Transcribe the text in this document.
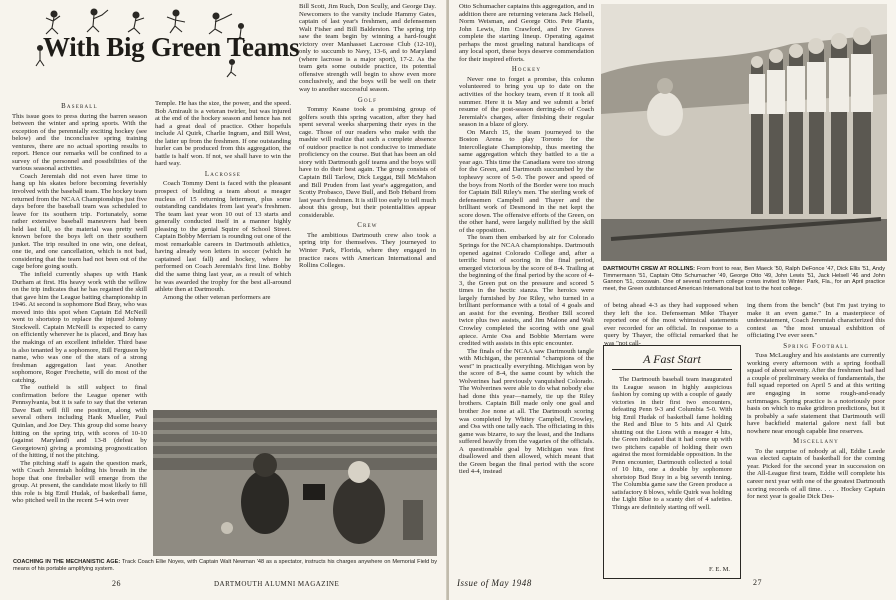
With Big Green Teams
Baseball

This issue goes to press during the barren season between the winter and spring sports. With the exception of the perennially exciting hockey (see below) and the inconclusive spring training ventures, there are no actual sporting results to report. Hence our remarks will be confined to a survey of the personnel and possibilities of the various seasonal activities.

Coach Jeremiah did not even have time to hang up his skates before becoming feverishly involved with the baseball team. The hockey team returned from the NCAA Championships just five days before the baseball team was scheduled to leave for its southern trip. Fortunately, some rather extensive baseball maneuvers had been held last fall, so the material was pretty well known before the boys left on their southern junket. The trip resulted in one win, one defeat, one tie, and one cancellation, which is not bad, considering that the team had not been out of the cage before going south.

The infield currently shapes up with Hank Durham at first. His heavy work with the willow on the trip indicates that he has regained the skill that gave him the League batting championship in 1946. At second is sophomore Bud Bray, who was moved into this spot when Captain Ed McNeill went to shortstop to replace the injured Johnny Stockwell. Captain McNeill is expected to carry on efficiently wherever he is placed, and Bray has the makings of an excellent infielder. Third base is also tenanted by a sophomore, Bill Ferguson by name, who was one of the stars of a strong freshman aggregation last year. Another sophomore, Roger Frechette, will do most of the catching.

The outfield is still subject to final confirmation before the League opener with Pennsylvania, but it is safe to say that the veteran Dave Batt will fill one position, along with several others including Hank Mueller, Paul Quinlan, and Joe Dey. This group did some heavy hitting on the spring trip, with scores of 10-10 (against Maryland) and 13-8 (defeat by Georgetown) giving a promising prognostication of the hitting, if not the pitching.

The pitching staff is again the question mark, with Coach Jeremiah holding his breath in the hope that one fireballer will emerge from the group. At present, the candidate most likely to fill this role is big Emil Hudak, of basketball fame, who pitched well in the recent 5-4 win over

Temple. He has the size, the power, and the speed. Bob Amirault is a veteran twirler, but was injured at the end of the hockey season and hence has not had a great deal of practice. Other hopefuls include Al Quirk, Charlie Ingram, and Bill West, the latter up from the freshmen. If one outstanding hurler can be produced from this aggregation, the battle is half won. If not, we shall have to win the hard way.

Lacrosse

Coach Tommy Dent is faced with the pleasant prospect of building a team about a meager nucleus of 15 returning lettermen, plus some outstanding candidates from last year's freshmen. The team last year won 10 out of 13 starts and generally conducted itself in a manner highly pleasing to the genial Squire of School Street. Captain Bobby Merriam is rounding out one of the most remarkable careers in Dartmouth athletics, having already won letters in soccer (which he captained last fall) and hockey, where he performed on Coach Jeremiah's first line. Bobby did the same thing last year, as a result of which he was awarded the trophy for the best all-around athlete then at Dartmouth.

Among the other veteran performers are

Bill Scott, Jim Ruch, Don Scully, and George Day. Newcomers to the varsity include Hammy Gates, captain of last year's freshmen, and defensemen Walt Fisher and Bill Balderston. The spring trip saw the team begin by winning a hard-fought victory over Manhasset Lacrosse Club (12-10), only to succumb to Navy, 13-6, and to Maryland (where lacrosse is a major sport), 17-2. As the team gets some outside practice, its potential offensive strength will begin to show even more conclusively, and the boys will be well on their way to another successful season.

Golf

Tommy Keane took a promising group of golfers south this spring vacation, after they had spent several weeks sharpening their eyes in the cage. Those of our readers who make with the mashie will realize that such a complete absence of outdoor practice is not conducive to immediate proficiency on the course. But that has been an old story with Dartmouth golf teams and the boys will have to do their best again. The group consists of Captain Bill Tarlow, Dick Leggat, Bill McMahon and Bill Pruden from last year's aggregation, and Scotty Probasco, Dave Bull, and Bob Hebard from last year's freshmen. It is still too early to tell much about this group, but their potentialities appear considerable.

Crew

The ambitious Dartmouth crew also took a spring trip for themselves. They journeyed to Winter Park, Florida, where they engaged in practice races with American International and Rollins Colleges.

COACHING IN THE MECHANISTIC AGE: Track Coach Ellie Noyes, with Captain Walt Newman '48 as a spectator, instructs his charges anywhere on Memorial Field by means of his portable amplifying system.
26	DARTMOUTH ALUMNI MAGAZINE

Otto Schumacher captains this aggregation, and in addition there are returning veterans Jack Helsell, Norm Weisman, and George Otto. Pete Plants, John Lewis, Jim Crawford, and Irv Graves complete the starting lineup. Operating against perhaps the most grueling natural handicaps of any local sport, these boys deserve commendation for their inspired efforts.

Hockey

Never one to forget a promise, this column volunteered to bring you up to date on the activities of the hockey team, even if it took all summer. Here it is May and we submit a brief resume of the post-season derring-do of Coach Jeremiah's charges, after finishing their regular season in a blaze of glory.

On March 15, the team journeyed to the Boston Arena to play Toronto for the Intercollegiate Championship, thus meeting the same aggregation which they battled to a tie a year ago. This time the Canadians were too strong for the Green, and Dartmouth succumbed by the topheavy score of 5-0. The power and speed of the boys from North of the Border were too much for Captain Bill Riley's men. The sterling work of defensemen Campbell and Thayer and the brilliant work of Desmond in the net kept the score down. The offensive efforts of the Green, on the other hand, were largely nullified by the skill of the opposition.

The team then embarked by air for Colorado Springs for the NCAA championships. Dartmouth opened against Colorado College and, after a terrific burst of scoring in the final period, emerged victorious by the score of 8-4. Trailing at the beginning of the final period by the score of 4-3, the Green put on the pressure and scored 5 times in the hectic stanza. The heroics were largely furnished by Joe Riley, who turned in a brilliant performance with a total of 4 goals and an assist for the evening. Brother Bill scored twice plus two assists, and Jim Malone and Walt Crowley completed the scoring with one goal apiece. Arnie Oss and Bobbie Merriam were credited with assists in this epic encounter.

The finals of the NCAA saw Dartmouth tangle with Michigan, the perennial "champions of the west" in practically everything. Michigan won by the score of 8-4, the same count by which the Wolverines had previously vanquished Colorado. The Wolverines were able to do what nobody else had done this year—namely, tie up the Riley brothers. Captain Bill made only one goal and brother Joe none at all. The Dartmouth scoring was completed by Whitey Campbell, Crowley, and Oss with one tally each. The officiating in this game was bizarre, to say the least, and the Indians suffered heavily from the vagaries of the officials. A questionable goal by Michigan was first disallowed and then allowed, which meant that the Green began the final period with the score tied 4-4, instead

DARTMOUTH CREW AT ROLLINS: From front to rear, Ben Maeck '50, Ralph DeFonce '47, Dick Ellis '51, Andy Timmermann '51, Captain Otto Schumacher '49, George Otto '49, John Lewis '51, Jack Helsell '46 and John Gannon '51, coxswain. One of several northern college crews invited to Winter Park, Fla., for an April practice meet, the Green outdistanced American International but lost to the host college.
A Fast Start

The Dartmouth baseball team inaugurated its League season in highly auspicious fashion by coming up with a couple of gaudy victories in their first two encounters, defeating Penn 9-3 and Columbia 5-0. With big Emil Hudak of basketball fame holding the Red and Blue to 5 hits and Al Quirk shutting out the Lions with a meager 4 hits, the Green indicated that it had come up with two pitchers capable of holding their own against the most formidable opposition. In the Penn encounter, Dartmouth collected a total of 10 hits, one a double by sophomore shortstop Bud Bray in a big seventh inning. The Columbia game saw the Green produce a satisfactory 8 blows, while Quirk was holding the Light Blue to a scanty diet of 4 safeties. Things are definitely starting off well.

F. E. M.

of being ahead 4-3 as they had supposed when they left the ice. Defenseman Mike Thayer reported one of the most whimsical statements ever recorded for an official. In response to a query by Thayer, the official remarked that he was "not call-

ing them from the bench" (but I'm just trying to make it an even game." In a masterpiece of understatement, Coach Jeremiah characterized this contest as "the most unusual exhibition of officiating I've ever seen."

Spring Football

Tuss McLaughry and his assistants are currently working every afternoon with a spring football squad of about seventy. After the freshmen had had a couple of preliminary weeks of fundamentals, the full squad reported on April 5 and at this writing are engaging in some rough-and-ready scrimmages. Spring practice is a notoriously poor basis on which to make gridiron predictions, but it is probably a safe statement that Dartmouth will have backfield material galore next fall but nowhere near enough capable line reserves.

Miscellany

To the surprise of nobody at all, Eddie Leede was elected captain of basketball for the coming year. Picked for the second year in succession on the All-League first team, Eddie will complete his career next year with one of the greatest Dartmouth scoring records of all time. . . . . Hockey Captain for next year is goalie Dick Des-

Issue of May 1948	27
